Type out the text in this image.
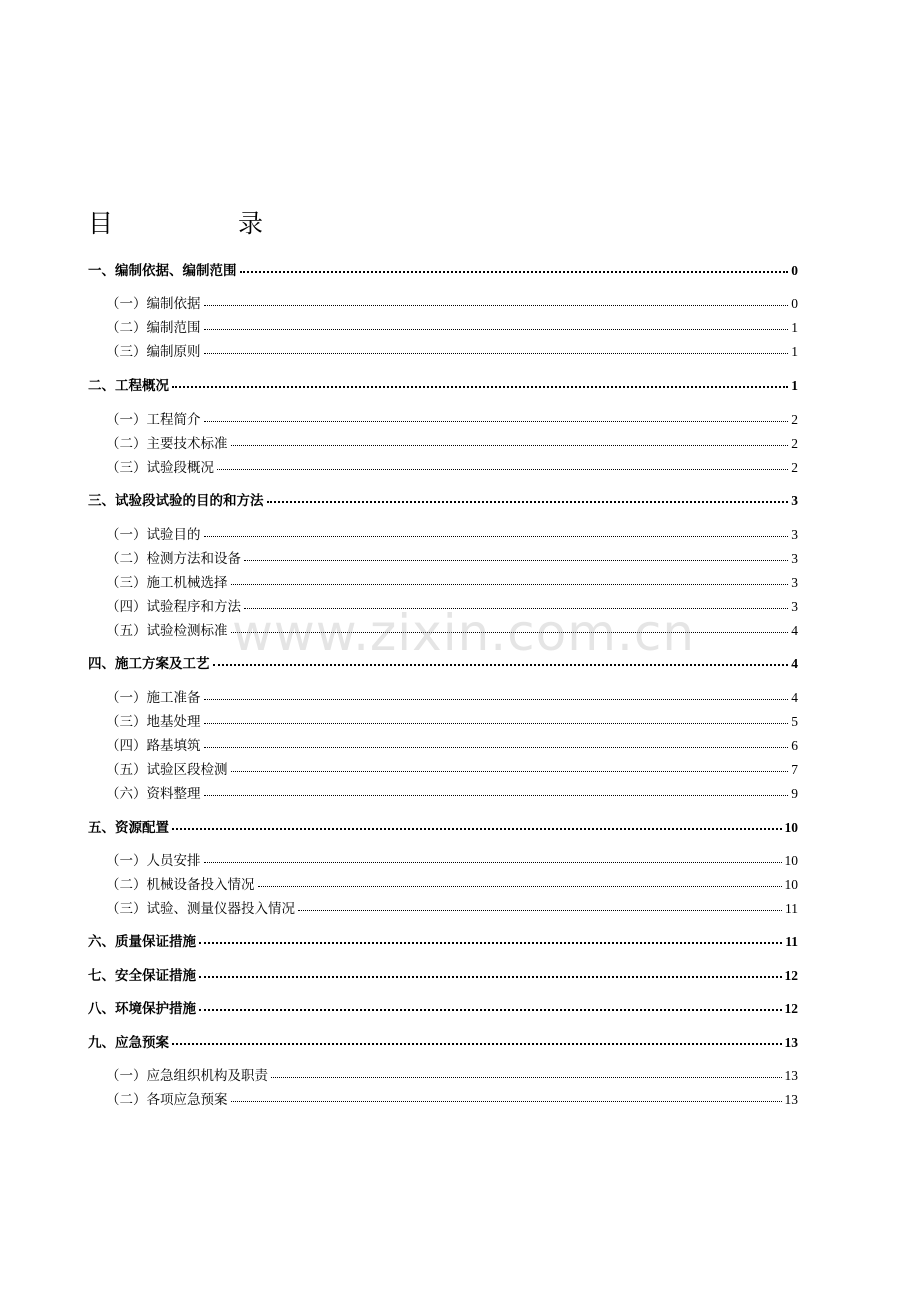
目	录
一、编制依据、编制范围	0
（一）编制依据	0
（二）编制范围	1
（三）编制原则	1
二、工程概况	1
（一）工程简介	2
（二）主要技术标准	2
（三）试验段概况	2
三、试验段试验的目的和方法	3
（一）试验目的	3
（二）检测方法和设备	3
（三）施工机械选择	3
（四）试验程序和方法	3
（五）试验检测标准	4
四、施工方案及工艺	4
（一）施工准备	4
（三）地基处理	5
（四）路基填筑	6
（五）试验区段检测	7
（六）资料整理	9
五、资源配置	10
（一）人员安排	10
（二）机械设备投入情况	10
（三）试验、测量仪器投入情况	11
六、质量保证措施	11
七、安全保证措施	12
八、环境保护措施	12
九、应急预案	13
（一）应急组织机构及职责	13
（二）各项应急预案	13
www.zixin.com.cn
